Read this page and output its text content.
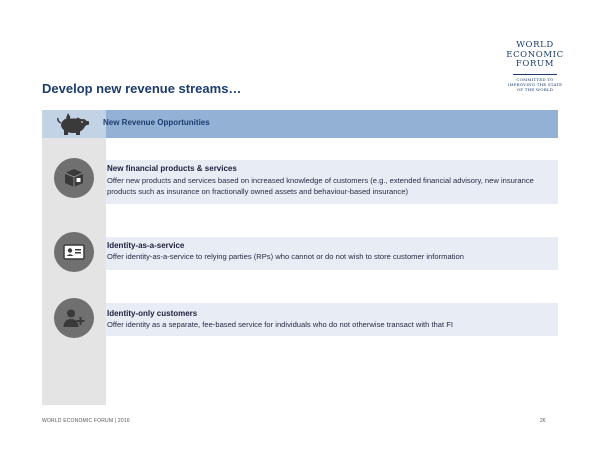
WORLD
ECONOMIC
FORUM
COMMITTED TO
IMPROVING THE STATE
OF THE WORLD
Develop new revenue streams…
New Revenue Opportunities
New financial products & services
Offer new products and services based on increased knowledge of customers (e.g., extended financial advisory, new insurance products such as insurance on fractionally owned assets and behaviour-based insurance)
Identity-as-a-service
Offer identity-as-a-service to relying parties (RPs) who cannot or do not wish to store customer information
Identity-only customers
Offer identity as a separate, fee-based service for individuals who do not otherwise transact with that FI
WORLD ECONOMIC FORUM | 2016	26
